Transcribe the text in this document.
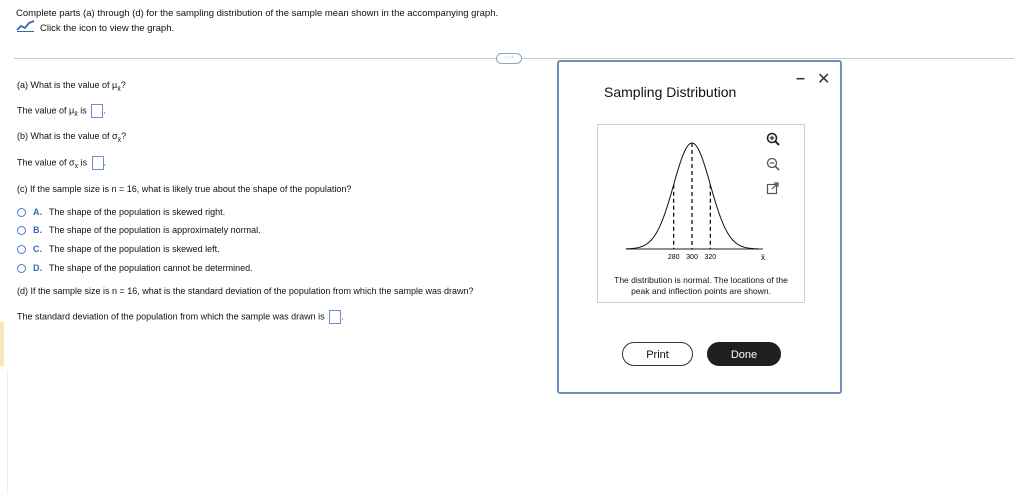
Complete parts (a) through (d) for the sampling distribution of the sample mean shown in the accompanying graph.
Click the icon to view the graph.
····
(a) What is the value of $\mu_{x̄}$?
The value of $\mu_{x̄}$ is .
(b) What is the value of $\sigma_{x̄}$?
The value of $\sigma_x$ is .
(c) If the sample size is n = 16, what is likely true about the shape of the population?
A. The shape of the population is skewed right.
B. The shape of the population is approximately normal.
C. The shape of the population is skewed left.
D. The shape of the population cannot be determined.
(d) If the sample size is n = 16, what is the standard deviation of the population from which the sample was drawn?
The standard deviation of the population from which the sample was drawn is .
Sampling Distribution
– ✕
280 300 320	x̄
The distribution is normal. The locations of the
peak and inflection points are shown.
Print	Done
